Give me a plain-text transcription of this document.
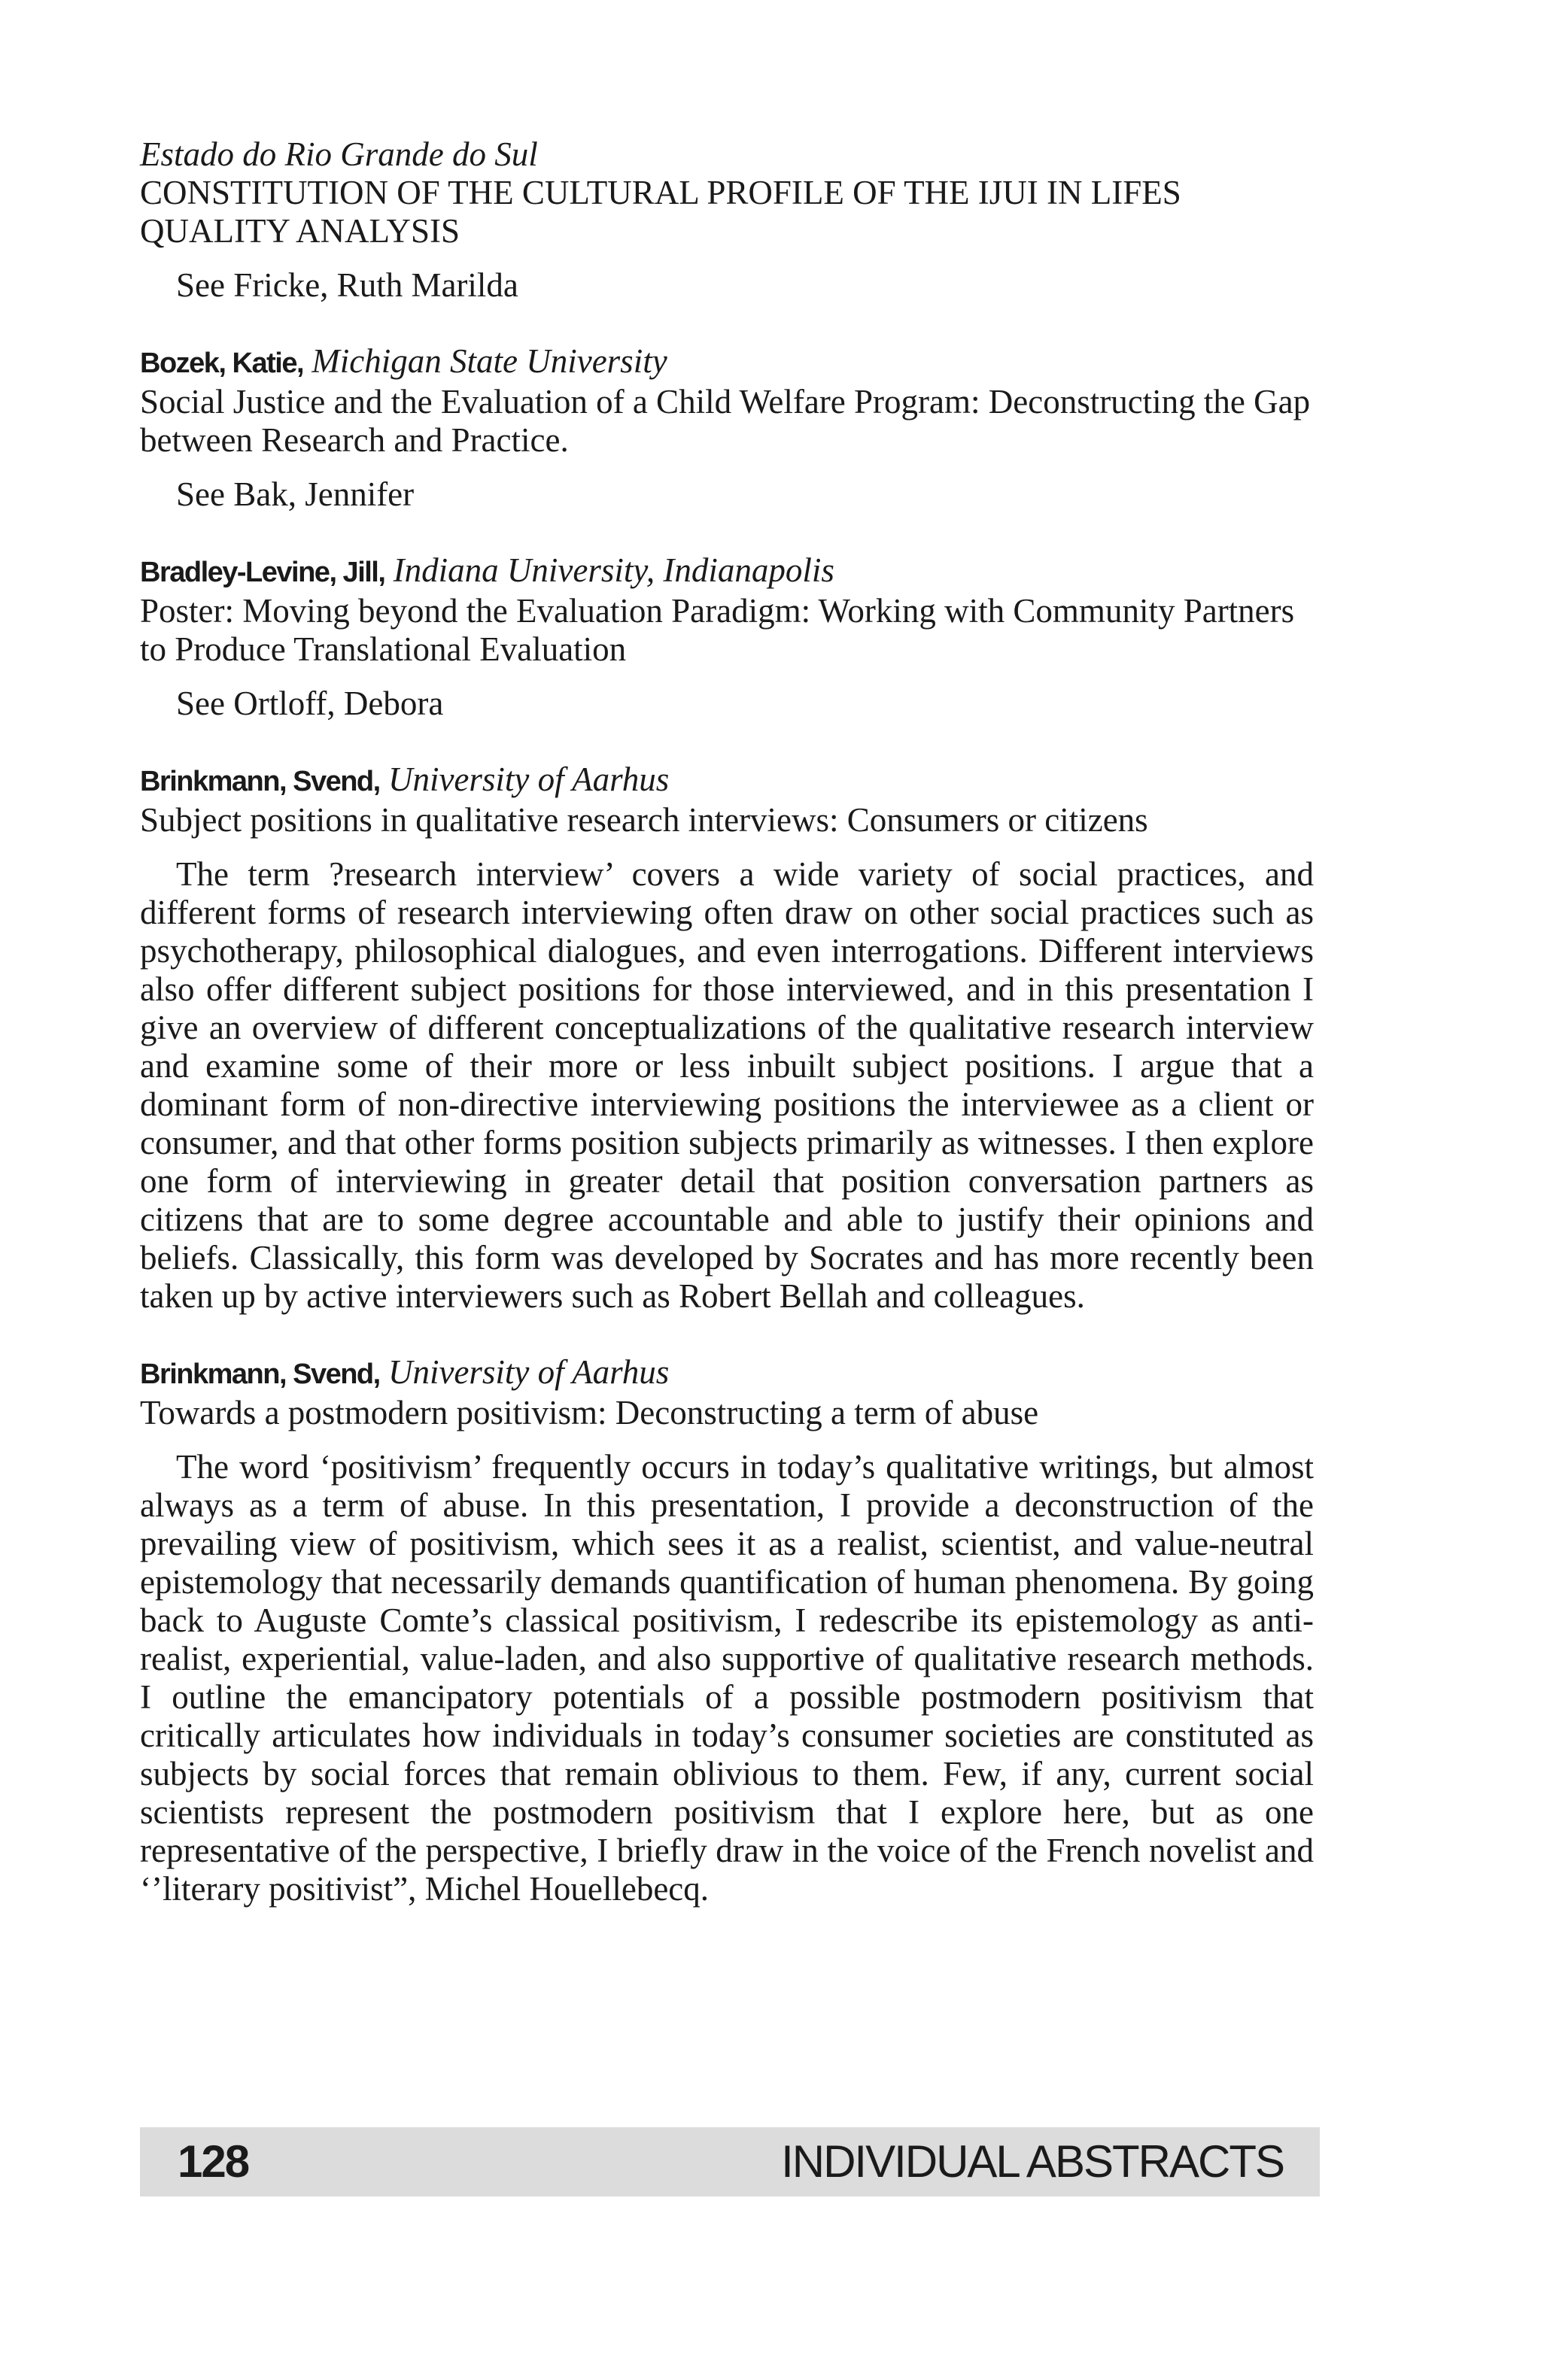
Estado do Rio Grande do Sul
CONSTITUTION OF THE CULTURAL PROFILE OF THE IJUI IN LIFES QUALITY ANALYSIS
See Fricke, Ruth Marilda
Bozek, Katie, Michigan State University
Social Justice and the Evaluation of a Child Welfare Program: Deconstructing the Gap between Research and Practice.
See Bak, Jennifer
Bradley-Levine, Jill, Indiana University, Indianapolis
Poster: Moving beyond the Evaluation Paradigm: Working with Community Partners to Produce Translational Evaluation
See Ortloff, Debora
Brinkmann, Svend, University of Aarhus
Subject positions in qualitative research interviews: Consumers or citizens

The term ?research interview’ covers a wide variety of social practices, and different forms of research interviewing often draw on other social practices such as psychotherapy, philosophical dialogues, and even interrogations. Different interviews also offer different subject positions for those interviewed, and in this presentation I give an overview of different conceptualizations of the qualitative research interview and examine some of their more or less inbuilt subject positions. I argue that a dominant form of non-directive interviewing positions the interviewee as a client or consumer, and that other forms position subjects primarily as witnesses. I then explore one form of interviewing in greater detail that position conversation partners as citizens that are to some degree accountable and able to justify their opinions and beliefs. Classically, this form was developed by Socrates and has more recently been taken up by active interviewers such as Robert Bellah and colleagues.

Brinkmann, Svend, University of Aarhus
Towards a postmodern positivism: Deconstructing a term of abuse

The word ‘positivism’ frequently occurs in today’s qualitative writings, but almost always as a term of abuse. In this presentation, I provide a deconstruction of the prevailing view of positivism, which sees it as a realist, scientist, and value-neutral epistemology that necessarily demands quantification of human phenomena. By going back to Auguste Comte’s classical positivism, I redescribe its epistemology as anti-realist, experiential, value-laden, and also supportive of qualitative research methods. I outline the emancipatory potentials of a possible postmodern positivism that critically articulates how individuals in today’s consumer societies are constituted as subjects by social forces that remain oblivious to them. Few, if any, current social scientists represent the postmodern positivism that I explore here, but as one representative of the perspective, I briefly draw in the voice of the French novelist and ‘’literary positivist”, Michel Houellebecq.

128	INDIVIDUAL ABSTRACTS
